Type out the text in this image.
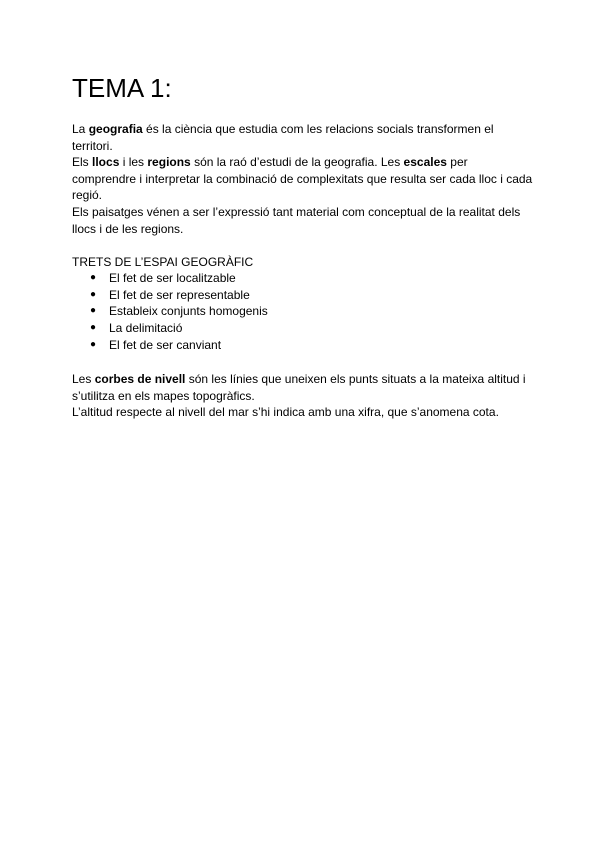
TEMA 1:

La geografia és la ciència que estudia com les relacions socials transformen el territori.

Els llocs i les regions són la raó d’estudi de la geografia. Les escales per comprendre i interpretar la combinació de complexitats que resulta ser cada lloc i cada regió.

Els paisatges vénen a ser l’expressió tant material com conceptual de la realitat dels llocs i de les regions.

TRETS DE L’ESPAI GEOGRÀFIC
● El fet de ser localitzable
● El fet de ser representable
● Estableix conjunts homogenis
● La delimitació
● El fet de ser canviant

Les corbes de nivell són les línies que uneixen els punts situats a la mateixa altitud i s’utilitza en els mapes topogràfics.

L’altitud respecte al nivell del mar s’hi indica amb una xifra, que s’anomena cota.
